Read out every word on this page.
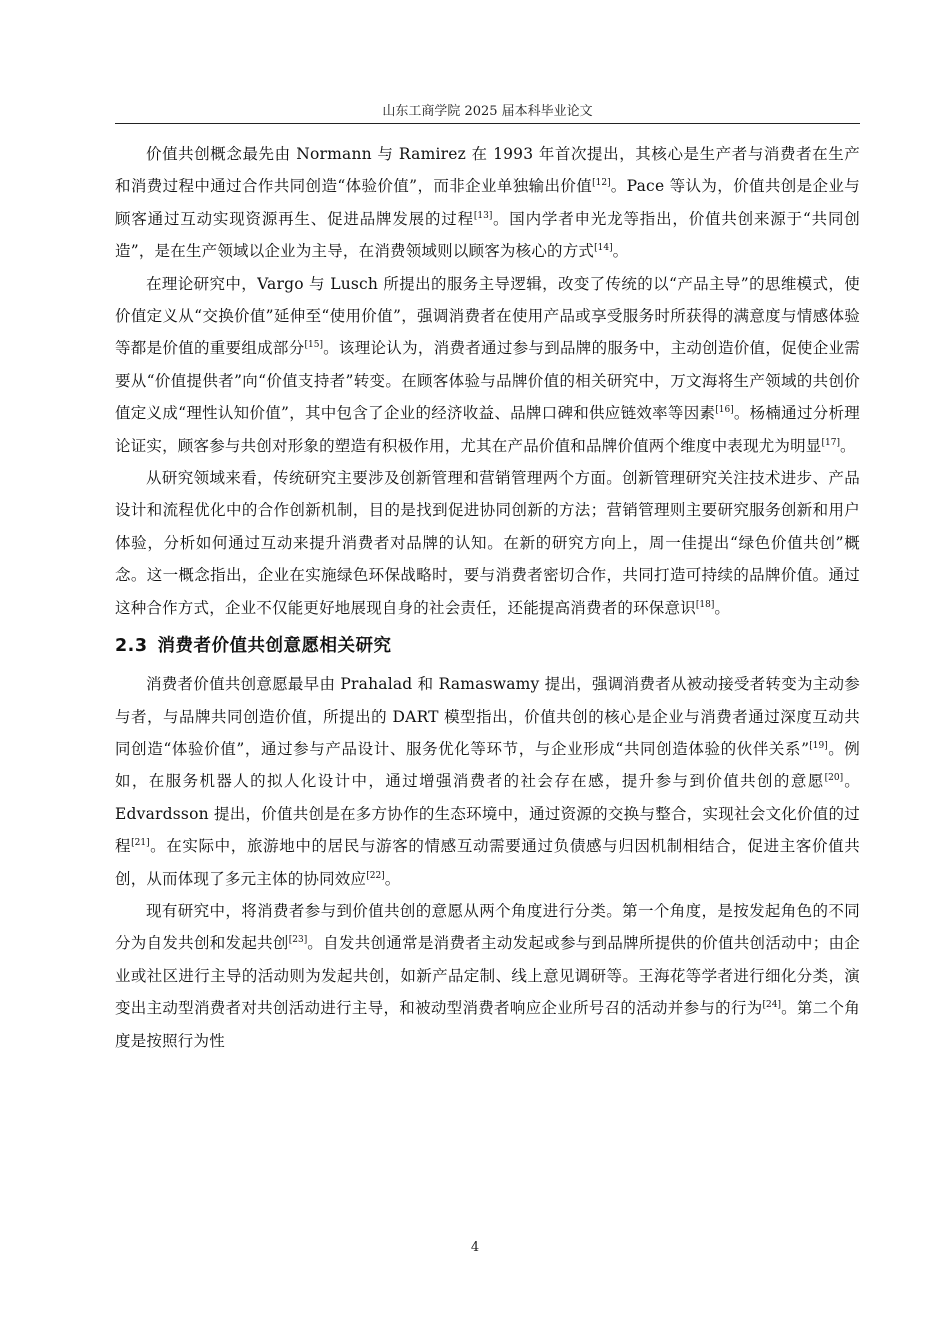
山东工商学院 2025 届本科毕业论文

价值共创概念最先由 Normann 与 Ramirez 在 1993 年首次提出，其核心是生产者与消费者在生产和消费过程中通过合作共同创造“体验价值”，而非企业单独输出价值[12]。Pace 等认为，价值共创是企业与顾客通过互动实现资源再生、促进品牌发展的过程[13]。国内学者申光龙等指出，价值共创来源于“共同创造”，是在生产领域以企业为主导，在消费领域则以顾客为核心的方式[14]。

在理论研究中，Vargo 与 Lusch 所提出的服务主导逻辑，改变了传统的以“产品主导”的思维模式，使价值定义从“交换价值”延伸至“使用价值”，强调消费者在使用产品或享受服务时所获得的满意度与情感体验等都是价值的重要组成部分[15]。该理论认为，消费者通过参与到品牌的服务中，主动创造价值，促使企业需要从“价值提供者”向“价值支持者”转变。在顾客体验与品牌价值的相关研究中，万文海将生产领域的共创价值定义成“理性认知价值”，其中包含了企业的经济收益、品牌口碑和供应链效率等因素[16]。杨楠通过分析理论证实，顾客参与共创对形象的塑造有积极作用，尤其在产品价值和品牌价值两个维度中表现尤为明显[17]。

从研究领域来看，传统研究主要涉及创新管理和营销管理两个方面。创新管理研究关注技术进步、产品设计和流程优化中的合作创新机制，目的是找到促进协同创新的方法；营销管理则主要研究服务创新和用户体验，分析如何通过互动来提升消费者对品牌的认知。在新的研究方向上，周一佳提出“绿色价值共创”概念。这一概念指出，企业在实施绿色环保战略时，要与消费者密切合作，共同打造可持续的品牌价值。通过这种合作方式，企业不仅能更好地展现自身的社会责任，还能提高消费者的环保意识[18]。

2.3 消费者价值共创意愿相关研究

消费者价值共创意愿最早由 Prahalad 和 Ramaswamy 提出，强调消费者从被动接受者转变为主动参与者，与品牌共同创造价值，所提出的 DART 模型指出，价值共创的核心是企业与消费者通过深度互动共同创造“体验价值”，通过参与产品设计、服务优化等环节，与企业形成“共同创造体验的伙伴关系”[19]。例如，在服务机器人的拟人化设计中，通过增强消费者的社会存在感，提升参与到价值共创的意愿[20]。Edvardsson 提出，价值共创是在多方协作的生态环境中，通过资源的交换与整合，实现社会文化价值的过程[21]。在实际中，旅游地中的居民与游客的情感互动需要通过负债感与归因机制相结合，促进主客价值共创，从而体现了多元主体的协同效应[22]。

现有研究中，将消费者参与到价值共创的意愿从两个角度进行分类。第一个角度，是按发起角色的不同分为自发共创和发起共创[23]。自发共创通常是消费者主动发起或参与到品牌所提供的价值共创活动中；由企业或社区进行主导的活动则为发起共创，如新产品定制、线上意见调研等。王海花等学者进行细化分类，演变出主动型消费者对共创活动进行主导，和被动型消费者响应企业所号召的活动并参与的行为[24]。第二个角度是按照行为性

4
